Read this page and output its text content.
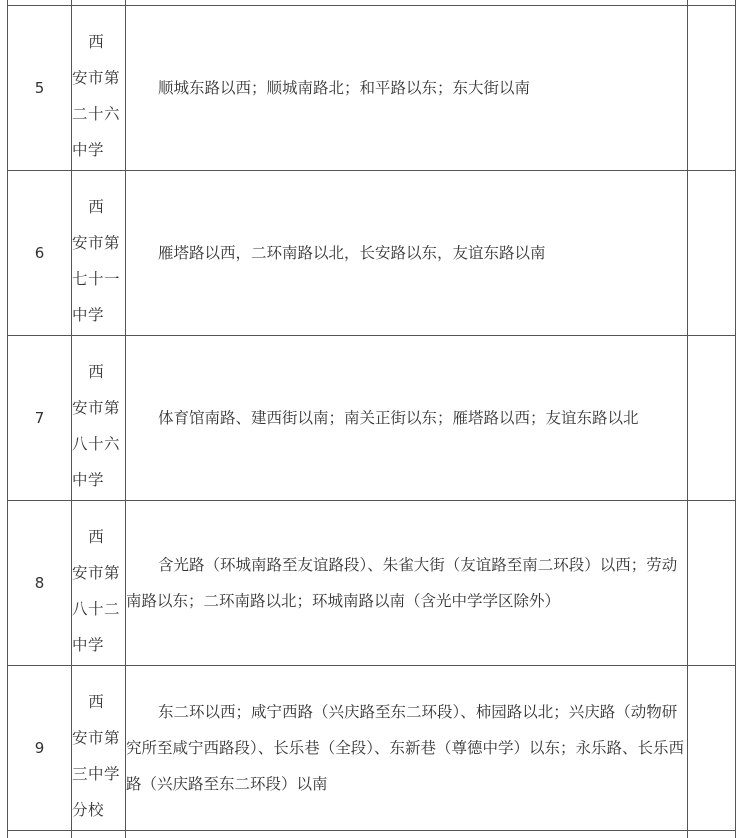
5
西
安市第
二十六
中学

顺城东路以西；顺城南路北；和平路以东；东大街以南

6
西
安市第
七十一
中学

雁塔路以西，二环南路以北，长安路以东，友谊东路以南

7
西
安市第
八十六
中学

体育馆南路、建西街以南；南关正街以东；雁塔路以西；友谊东路以北

8
西
安市第
八十二
中学

含光路（环城南路至友谊路段）、朱雀大街（友谊路至南二环段）以西；劳动南路以东；二环南路以北；环城南路以南（含光中学学区除外）

9
西
安市第
三中学
分校

东二环以西；咸宁西路（兴庆路至东二环段）、柿园路以北；兴庆路（动物研究所至咸宁西路段）、长乐巷（全段）、东新巷（尊德中学）以东；永乐路、长乐西路（兴庆路至东二环段）以南
